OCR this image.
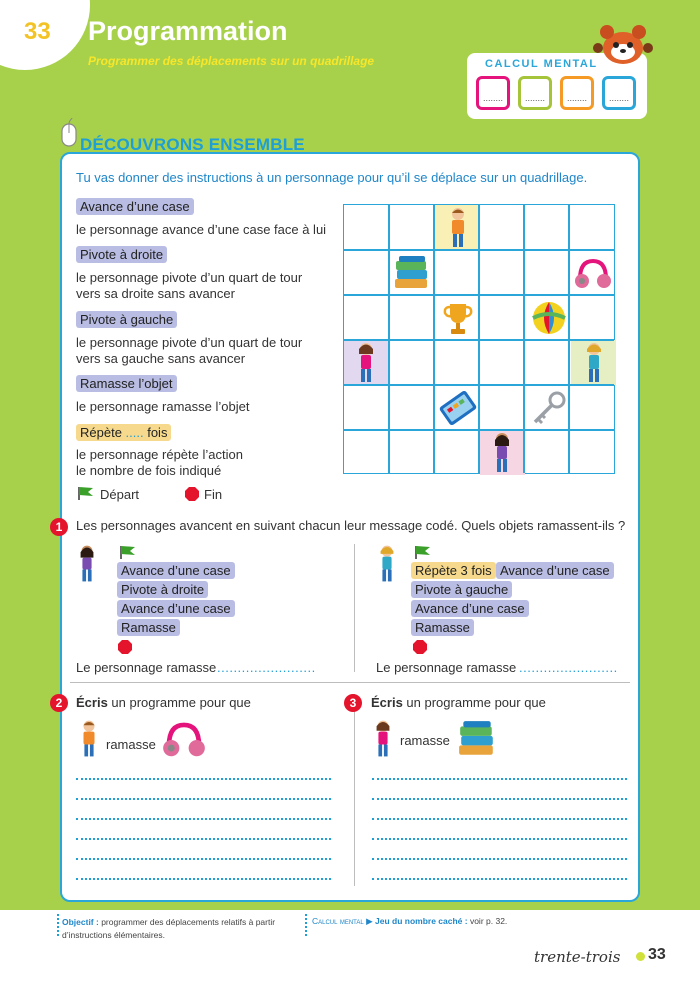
33 Programmation
Programmer des déplacements sur un quadrillage	CALCUL MENTAL
........	........	........	........
DÉCOUVRONS ENSEMBLE
Tu vas donner des instructions à un personnage pour qu’il se déplace sur un quadrillage.
Avance d’une case
le personnage avance d’une case face à lui
Pivote à droite
le personnage pivote d’un quart de tour
vers sa droite sans avancer
Pivote à gauche
le personnage pivote d’un quart de tour
vers sa gauche sans avancer
Ramasse l’objet
le personnage ramasse l’objet
Répète ..... fois
le personnage répète l’action
le nombre de fois indiqué
Départ	Fin
1	Les personnages avancent en suivant chacun leur message codé. Quels objets ramassent-ils ?
Avance d’une case
Pivote à droite
Avance d’une case
Ramasse
Le personnage ramasse ........................
Répète 3 fois Avance d’une case
Pivote à gauche
Avance d’une case
Ramasse
Le personnage ramasse ........................
2	Écris un programme pour que
ramasse
3	Écris un programme pour que
ramasse
Objectif : programmer des déplacements relatifs à partir d’instructions élémentaires.
Calcul mental ▶ Jeu du nombre caché : voir p. 32.
trente-trois 33
